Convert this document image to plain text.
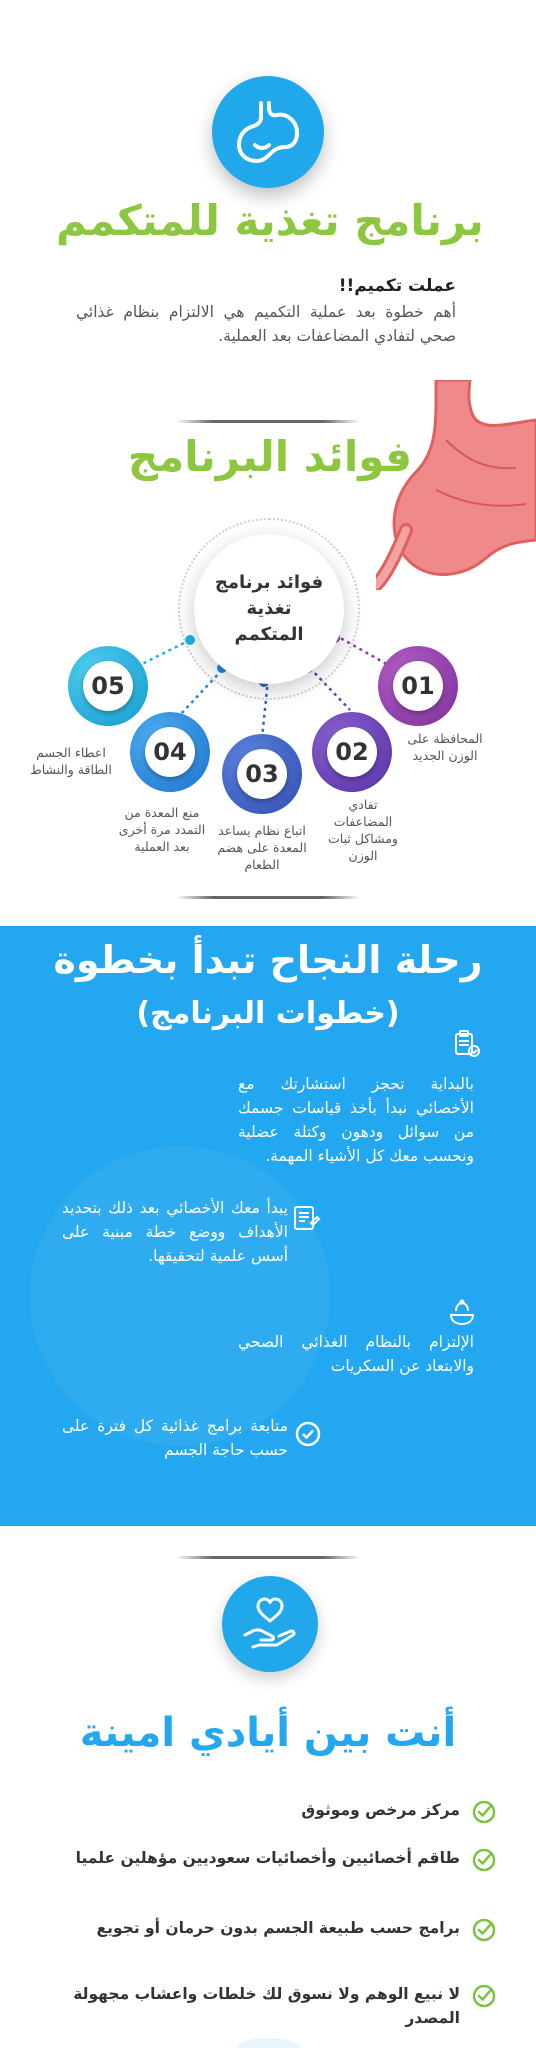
برنامج تغذية للمتكمم
عملت تكميم!!
أهم خطوة بعد عملية التكميم هي الالتزام بنظام غذائي صحي لتفادي المضاعفات بعد العملية.
فوائد البرنامج
فوائد برنامج تغذية المتكمم
01
المحافظة على الوزن الجديد
02
تفادي المضاعفات ومشاكل ثبات الوزن
03
اتباع نظام يساعد المعدة على هضم الطعام
04
منع المعدة من التمدد مرة أخرى بعد العملية
05
اعطاء الجسم الطاقة والنشاط
رحلة النجاح تبدأ بخطوة
(خطوات البرنامج)
بالبداية تحجز استشارتك مع الأخصائي نبدأ بأخذ قياسات جسمك من سوائل ودهون وكتلة عضلية ونحسب معك كل الأشياء المهمة.
يبدأ معك الأخصائي بعد ذلك بتحديد الأهداف ووضع خطة مبنية على أسس علمية لتحقيقها.
الإلتزام بالنظام الغذائي الصحي والابتعاد عن السكريات
متابعة برامج غذائية كل فترة على حسب حاجة الجسم
أنت بين أيادي امينة
مركز مرخص وموثوق
طاقم أخصائيين وأخصائيات سعوديين مؤهلين علميا
برامج حسب طبيعة الجسم بدون حرمان أو تجويع
لا نبيع الوهم ولا نسوق لك خلطات واعشاب مجهولة المصدر
